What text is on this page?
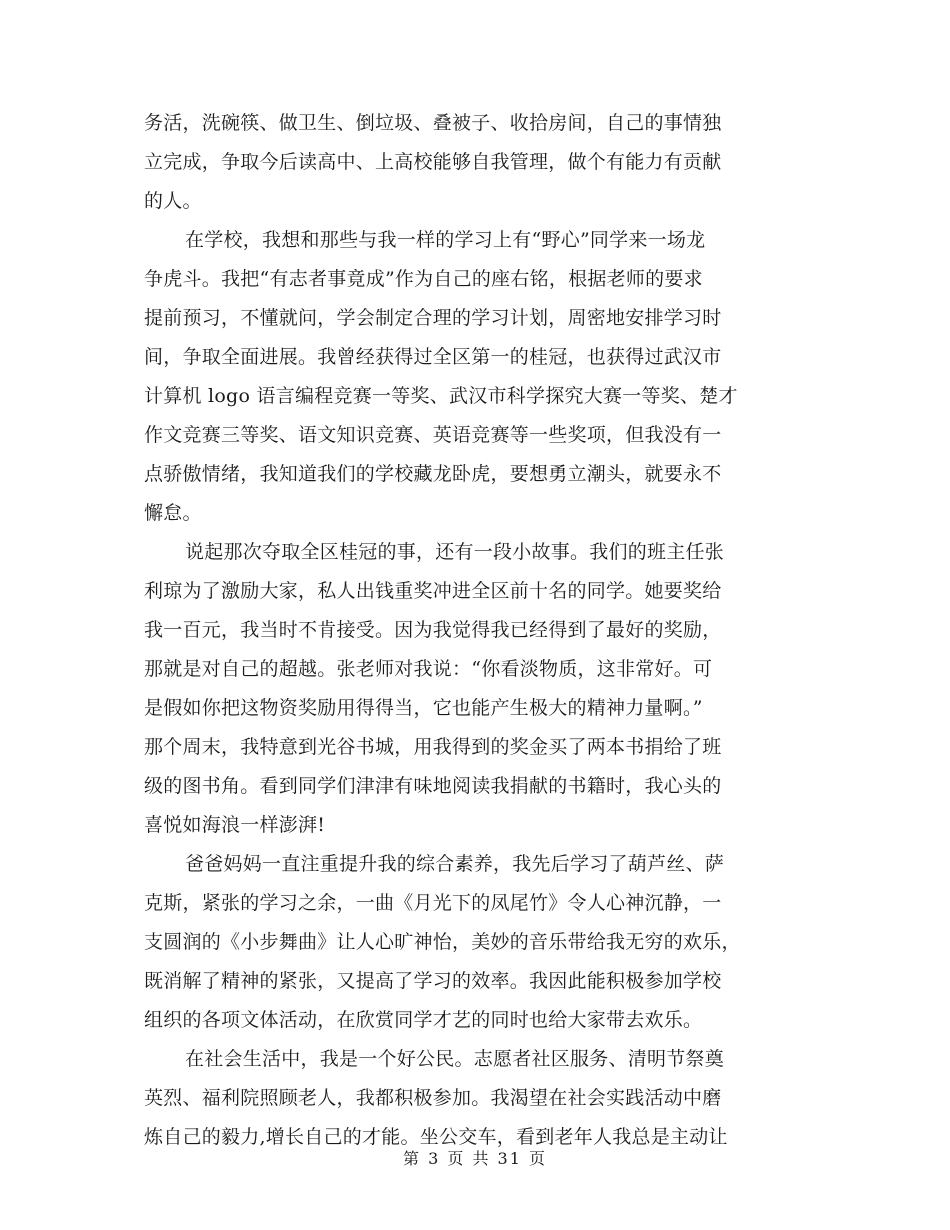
务活，洗碗筷、做卫生、倒垃圾、叠被子、收拾房间，自己的事情独
立完成，争取今后读高中、上高校能够自我管理，做个有能力有贡献
的人。
在学校，我想和那些与我一样的学习上有“野心”同学来一场龙
争虎斗。我把“有志者事竟成”作为自己的座右铭，根据老师的要求
提前预习，不懂就问，学会制定合理的学习计划，周密地安排学习时
间，争取全面进展。我曾经获得过全区第一的桂冠，也获得过武汉市
计算机 logo 语言编程竞赛一等奖、武汉市科学探究大赛一等奖、楚才
作文竞赛三等奖、语文知识竞赛、英语竞赛等一些奖项，但我没有一
点骄傲情绪，我知道我们的学校藏龙卧虎，要想勇立潮头，就要永不
懈怠。
说起那次夺取全区桂冠的事，还有一段小故事。我们的班主任张
利琼为了激励大家，私人出钱重奖冲进全区前十名的同学。她要奖给
我一百元，我当时不肯接受。因为我觉得我已经得到了最好的奖励，
那就是对自己的超越。张老师对我说：“你看淡物质，这非常好。可
是假如你把这物资奖励用得得当，它也能产生极大的精神力量啊。”
那个周末，我特意到光谷书城，用我得到的奖金买了两本书捐给了班
级的图书角。看到同学们津津有味地阅读我捐献的书籍时，我心头的
喜悦如海浪一样澎湃!
爸爸妈妈一直注重提升我的综合素养，我先后学习了葫芦丝、萨
克斯，紧张的学习之余，一曲《月光下的凤尾竹》令人心神沉静，一
支圆润的《小步舞曲》让人心旷神怡，美妙的音乐带给我无穷的欢乐，
既消解了精神的紧张，又提高了学习的效率。我因此能积极参加学校
组织的各项文体活动，在欣赏同学才艺的同时也给大家带去欢乐。
在社会生活中，我是一个好公民。志愿者社区服务、清明节祭奠
英烈、福利院照顾老人，我都积极参加。我渴望在社会实践活动中磨
炼自己的毅力,增长自己的才能。坐公交车，看到老年人我总是主动让
第 3 页 共 31 页
